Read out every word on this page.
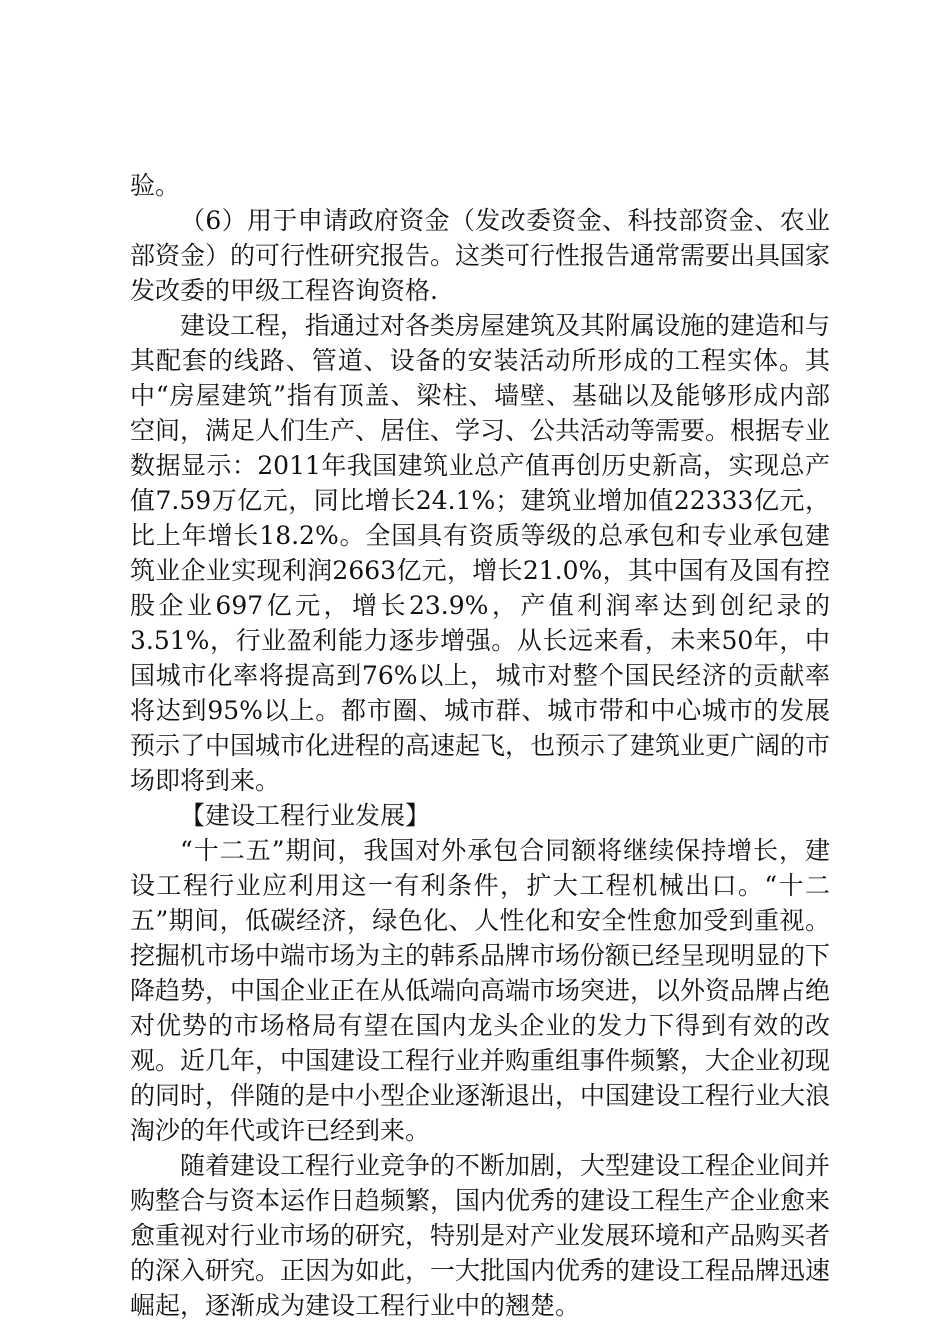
验。

（6）用于申请政府资金（发改委资金、科技部资金、农业部资金）的可行性研究报告。这类可行性报告通常需要出具国家发改委的甲级工程咨询资格.

建设工程，指通过对各类房屋建筑及其附属设施的建造和与其配套的线路、管道、设备的安装活动所形成的工程实体。其中“房屋建筑”指有顶盖、梁柱、墙壁、基础以及能够形成内部空间，满足人们生产、居住、学习、公共活动等需要。根据专业数据显示：2011年我国建筑业总产值再创历史新高，实现总产值7.59万亿元，同比增长24.1%；建筑业增加值22333亿元，比上年增长18.2%。全国具有资质等级的总承包和专业承包建筑业企业实现利润2663亿元，增长21.0%，其中国有及国有控股企业697亿元，增长23.9%，产值利润率达到创纪录的3.51%，行业盈利能力逐步增强。从长远来看，未来50年，中国城市化率将提高到76%以上，城市对整个国民经济的贡献率将达到95%以上。都市圈、城市群、城市带和中心城市的发展预示了中国城市化进程的高速起飞，也预示了建筑业更广阔的市场即将到来。

【建设工程行业发展】

“十二五”期间，我国对外承包合同额将继续保持增长，建设工程行业应利用这一有利条件，扩大工程机械出口。“十二五”期间，低碳经济，绿色化、人性化和安全性愈加受到重视。挖掘机市场中端市场为主的韩系品牌市场份额已经呈现明显的下降趋势，中国企业正在从低端向高端市场突进，以外资品牌占绝对优势的市场格局有望在国内龙头企业的发力下得到有效的改观。近几年，中国建设工程行业并购重组事件频繁，大企业初现的同时，伴随的是中小型企业逐渐退出，中国建设工程行业大浪淘沙的年代或许已经到来。

随着建设工程行业竞争的不断加剧，大型建设工程企业间并购整合与资本运作日趋频繁，国内优秀的建设工程生产企业愈来愈重视对行业市场的研究，特别是对产业发展环境和产品购买者的深入研究。正因为如此，一大批国内优秀的建设工程品牌迅速崛起，逐渐成为建设工程行业中的翘楚。
